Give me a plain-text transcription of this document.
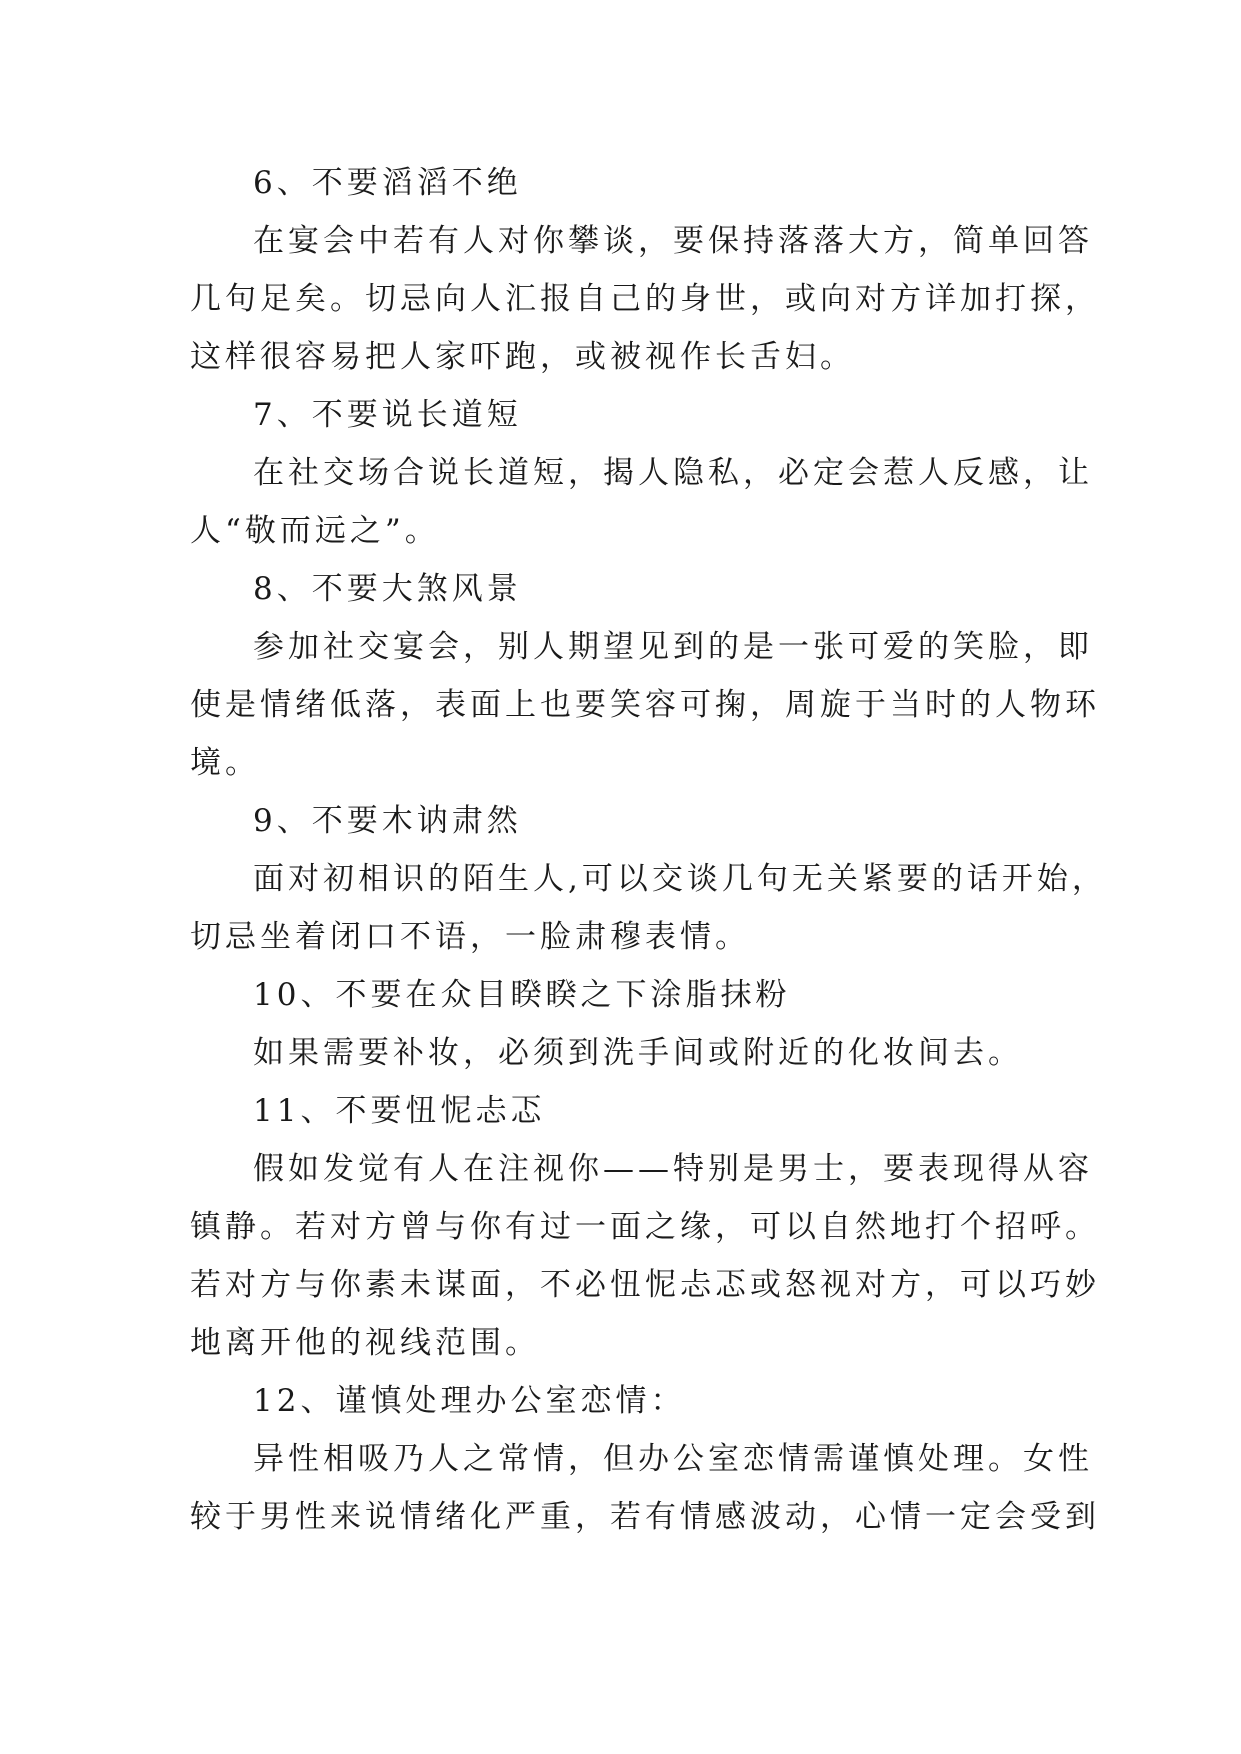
6、不要滔滔不绝
在宴会中若有人对你攀谈，要保持落落大方，简单回答
几句足矣。切忌向人汇报自己的身世，或向对方详加打探，
这样很容易把人家吓跑，或被视作长舌妇。
7、不要说长道短
在社交场合说长道短，揭人隐私，必定会惹人反感，让
人“敬而远之”。
8、不要大煞风景
参加社交宴会，别人期望见到的是一张可爱的笑脸，即
使是情绪低落，表面上也要笑容可掬，周旋于当时的人物环
境。
9、不要木讷肃然
面对初相识的陌生人,可以交谈几句无关紧要的话开始，
切忌坐着闭口不语，一脸肃穆表情。
10、不要在众目睽睽之下涂脂抹粉
如果需要补妆，必须到洗手间或附近的化妆间去。
11、不要忸怩忐忑
假如发觉有人在注视你——特别是男士，要表现得从容
镇静。若对方曾与你有过一面之缘，可以自然地打个招呼。
若对方与你素未谋面，不必忸怩忐忑或怒视对方，可以巧妙
地离开他的视线范围。
12、谨慎处理办公室恋情：
异性相吸乃人之常情，但办公室恋情需谨慎处理。女性
较于男性来说情绪化严重，若有情感波动，心情一定会受到
